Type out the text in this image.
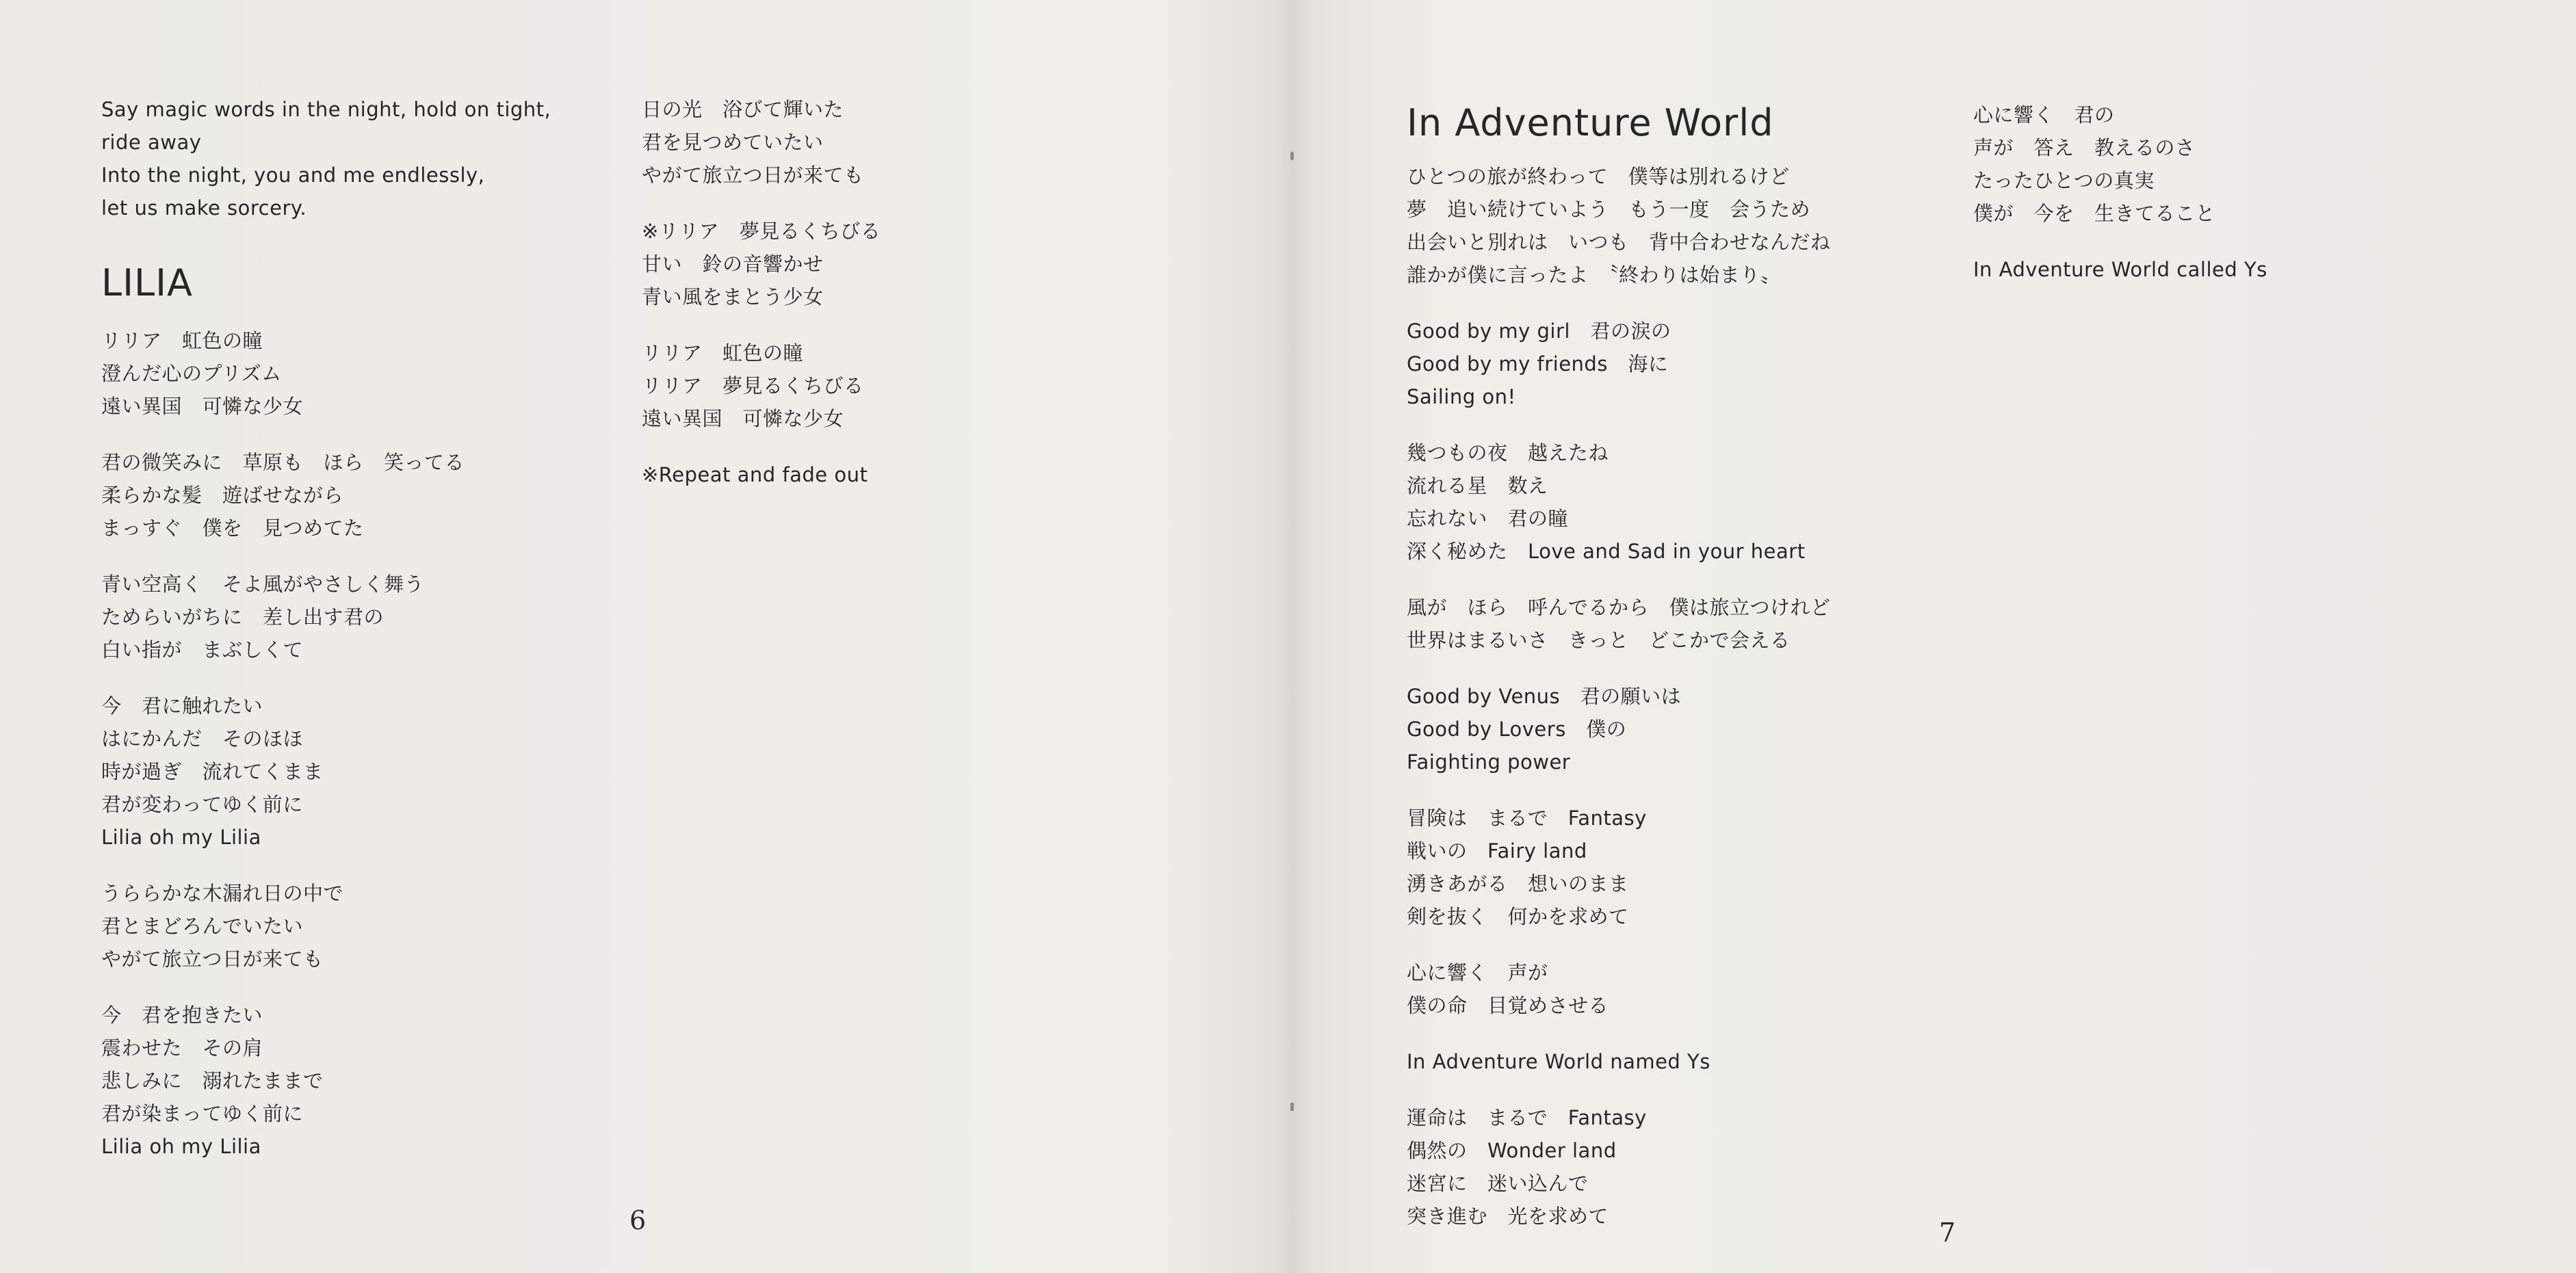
Say magic words in the night, hold on tight,
ride away
Into the night, you and me endlessly,
let us make sorcery.
LILIA
リリア　虹色の瞳
澄んだ心のプリズム
遠い異国　可憐な少女
君の微笑みに　草原も　ほら　笑ってる
柔らかな髪　遊ばせながら
まっすぐ　僕を　見つめてた
青い空高く　そよ風がやさしく舞う
ためらいがちに　差し出す君の
白い指が　まぶしくて
今　君に触れたい
はにかんだ　そのほほ
時が過ぎ　流れてくまま
君が変わってゆく前に
Lilia oh my Lilia
うららかな木漏れ日の中で
君とまどろんでいたい
やがて旅立つ日が来ても
今　君を抱きたい
震わせた　その肩
悲しみに　溺れたままで
君が染まってゆく前に
Lilia oh my Lilia
日の光　浴びて輝いた
君を見つめていたい
やがて旅立つ日が来ても
※リリア　夢見るくちびる
甘い　鈴の音響かせ
青い風をまとう少女
リリア　虹色の瞳
リリア　夢見るくちびる
遠い異国　可憐な少女
※Repeat and fade out
6
In Adventure World
ひとつの旅が終わって　僕等は別れるけど
夢　追い続けていよう　もう一度　会うため
出会いと別れは　いつも　背中合わせなんだね
誰かが僕に言ったよ　〝終わりは始まり〟
Good by my girl　君の涙の
Good by my friends　海に
Sailing on!
幾つもの夜　越えたね
流れる星　数え
忘れない　君の瞳
深く秘めた　Love and Sad in your heart
風が　ほら　呼んでるから　僕は旅立つけれど
世界はまるいさ　きっと　どこかで会える
Good by Venus　君の願いは
Good by Lovers　僕の
Faighting power
冒険は　まるで　Fantasy
戦いの　Fairy land
湧きあがる　想いのまま
剣を抜く　何かを求めて
心に響く　声が
僕の命　目覚めさせる
In Adventure World named Ys
運命は　まるで　Fantasy
偶然の　Wonder land
迷宮に　迷い込んで
突き進む　光を求めて
心に響く　君の
声が　答え　教えるのさ
たったひとつの真実
僕が　今を　生きてること
In Adventure World called Ys
7
